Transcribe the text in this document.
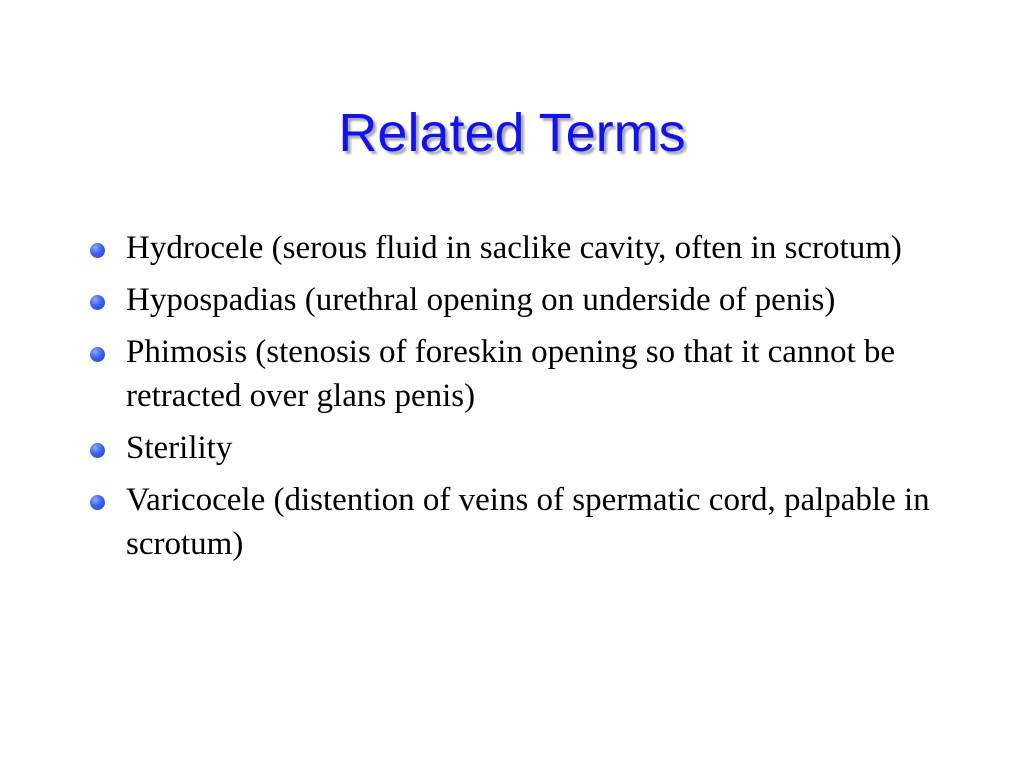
Related Terms
Hydrocele (serous fluid in saclike cavity, often in scrotum)
Hypospadias (urethral opening on underside of penis)
Phimosis (stenosis of foreskin opening so that it cannot be retracted over glans penis)
Sterility
Varicocele (distention of veins of spermatic cord, palpable in scrotum)
